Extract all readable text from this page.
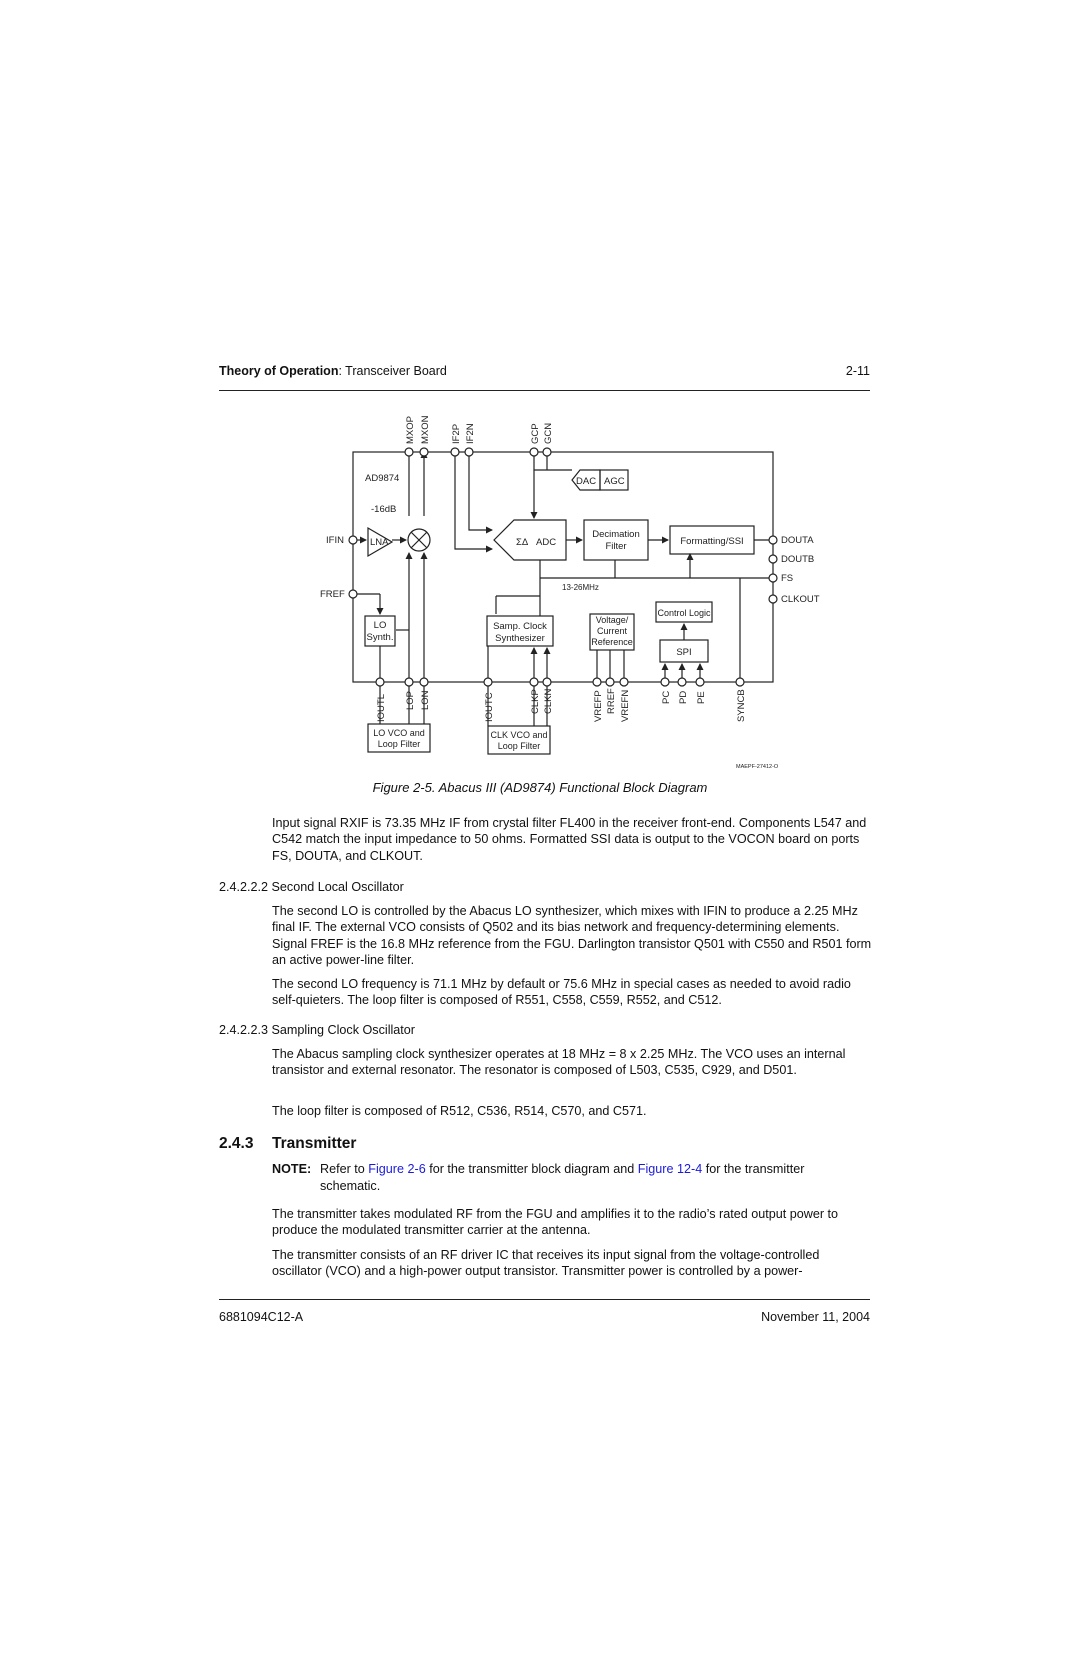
Theory of Operation: Transceiver Board	2-11
AD9874
-16dB
LNA
DAC AGC
ΣΔ ADC
Decimation
Filter	Formatting/SSI
13-26MHz
LO
Synth.
Samp. Clock
Synthesizer
Voltage/
Current
Reference
Control Logic
SPI
LO VCO and
Loop Filter
CLK VCO and
Loop Filter
IFIN
FREF
DOUTA
DOUTB
FS
CLKOUT
MXOP MXON IF2P IF2N	GCP GCN
IOUTL LOP LON	IOUTC	CLKP CLKN	VREFP RREF VREFN	PC PD PE	SYNCB
MAEPF-27412-O
Figure 2-5. Abacus III (AD9874) Functional Block Diagram
Input signal RXIF is 73.35 MHz IF from crystal filter FL400 in the receiver front-end. Components L547 and C542 match the input impedance to 50 ohms. Formatted SSI data is output to the VOCON board on ports FS, DOUTA, and CLKOUT.
2.4.2.2.2 Second Local Oscillator
The second LO is controlled by the Abacus LO synthesizer, which mixes with IFIN to produce a 2.25 MHz final IF. The external VCO consists of Q502 and its bias network and frequency-determining elements. Signal FREF is the 16.8 MHz reference from the FGU. Darlington transistor Q501 with C550 and R501 form an active power-line filter.
The second LO frequency is 71.1 MHz by default or 75.6 MHz in special cases as needed to avoid radio self-quieters. The loop filter is composed of R551, C558, C559, R552, and C512.
2.4.2.2.3 Sampling Clock Oscillator
The Abacus sampling clock synthesizer operates at 18 MHz = 8 x 2.25 MHz. The VCO uses an internal transistor and external resonator. The resonator is composed of L503, C535, C929, and D501.
The loop filter is composed of R512, C536, R514, C570, and C571.
2.4.3 Transmitter
NOTE: Refer to Figure 2-6 for the transmitter block diagram and Figure 12-4 for the transmitter
schematic.
The transmitter takes modulated RF from the FGU and amplifies it to the radio’s rated output power to produce the modulated transmitter carrier at the antenna.
The transmitter consists of an RF driver IC that receives its input signal from the voltage-controlled oscillator (VCO) and a high-power output transistor. Transmitter power is controlled by a power-
6881094C12-A	November 11, 2004
